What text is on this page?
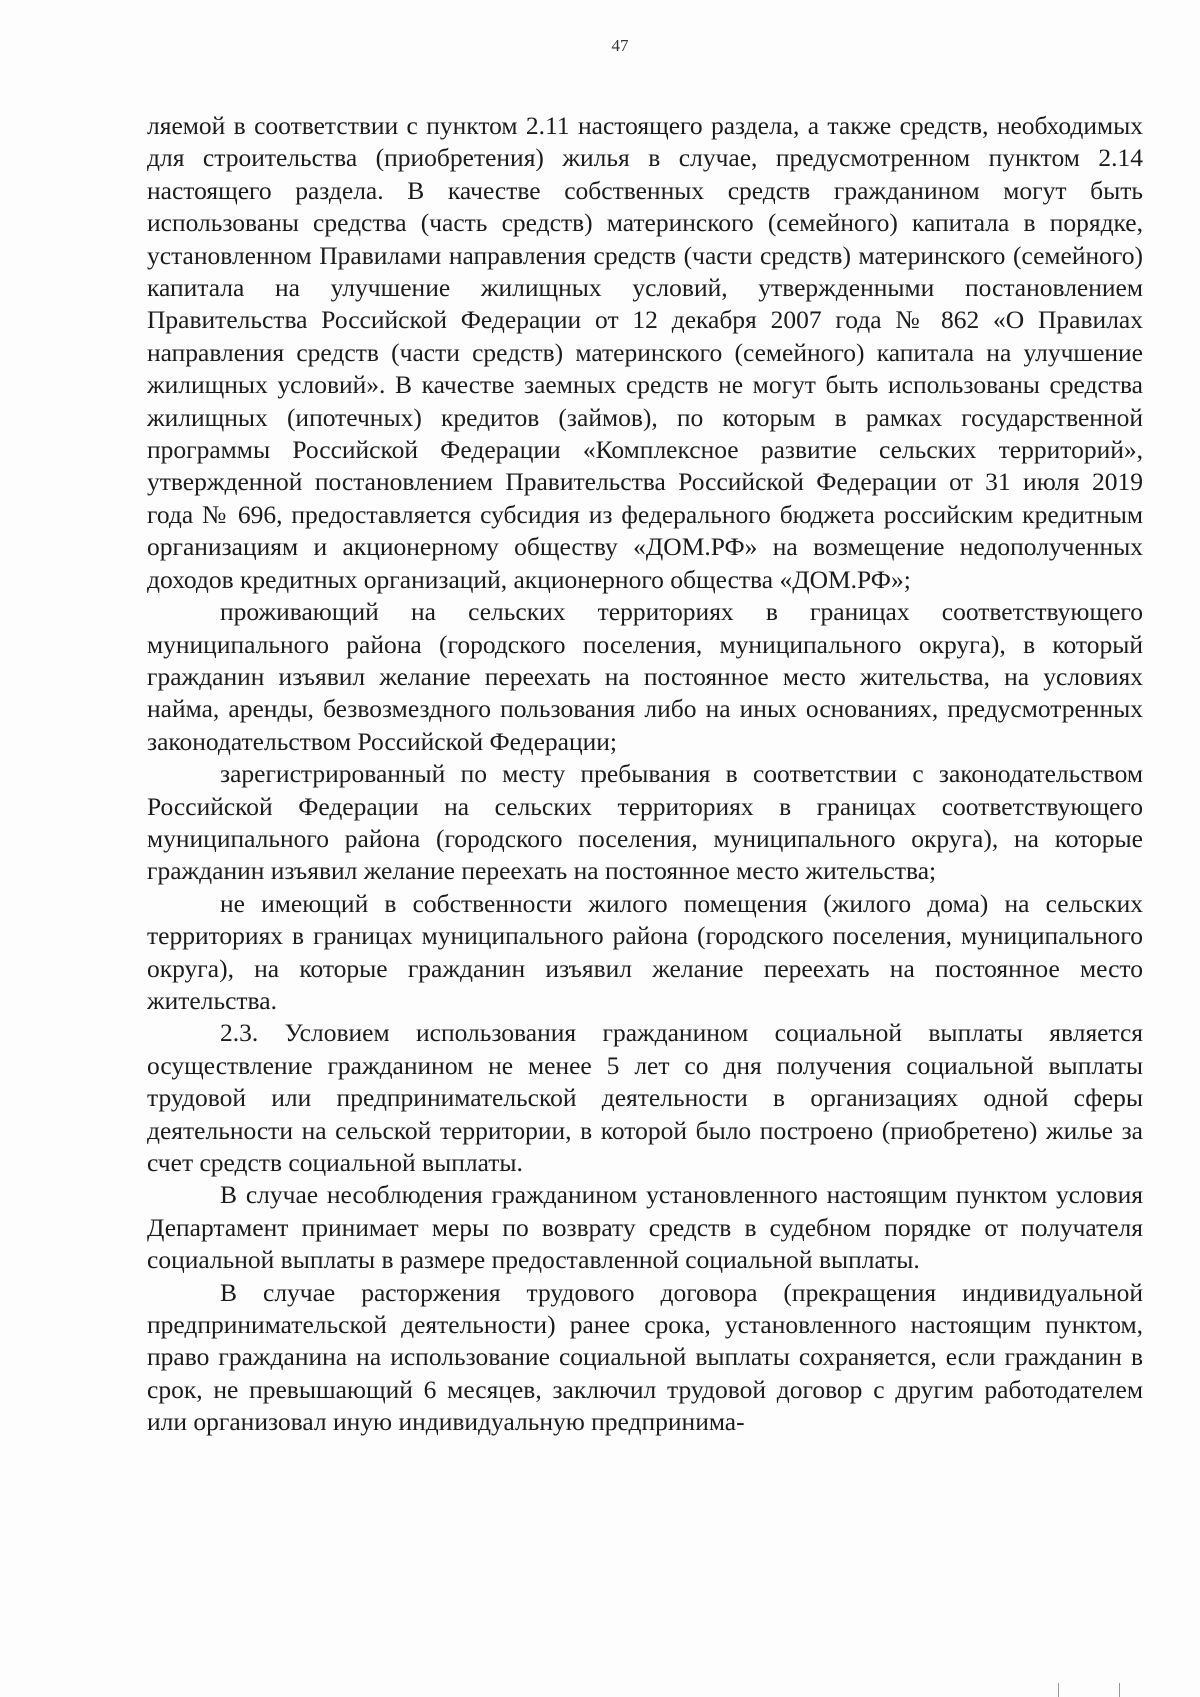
47

ляемой в соответствии с пунктом 2.11 настоящего раздела, а также средств, необходимых для строительства (приобретения) жилья в случае, предусмотренном пунктом 2.14 настоящего раздела. В качестве собственных средств гражданином могут быть использованы средства (часть средств) материнского (семейного) капитала в порядке, установленном Правилами направления средств (части средств) материнского (семейного) капитала на улучшение жилищных условий, утвержденными постановлением Правительства Российской Федерации от 12 декабря 2007 года № 862 «О Правилах направления средств (части средств) материнского (семейного) капитала на улучшение жилищных условий». В качестве заемных средств не могут быть использованы средства жилищных (ипотечных) кредитов (займов), по которым в рамках государственной программы Российской Федерации «Комплексное развитие сельских территорий», утвержденной постановлением Правительства Российской Федерации от 31 июля 2019 года № 696, предоставляется субсидия из федерального бюджета российским кредитным организациям и акционерному обществу «ДОМ.РФ» на возмещение недополученных доходов кредитных организаций, акционерного общества «ДОМ.РФ»;

проживающий на сельских территориях в границах соответствующего муниципального района (городского поселения, муниципального округа), в который гражданин изъявил желание переехать на постоянное место жительства, на условиях найма, аренды, безвозмездного пользования либо на иных основаниях, предусмотренных законодательством Российской Федерации;

зарегистрированный по месту пребывания в соответствии с законодательством Российской Федерации на сельских территориях в границах соответствующего муниципального района (городского поселения, муниципального округа), на которые гражданин изъявил желание переехать на постоянное место жительства;

не имеющий в собственности жилого помещения (жилого дома) на сельских территориях в границах муниципального района (городского поселения, муниципального округа), на которые гражданин изъявил желание переехать на постоянное место жительства.

2.3. Условием использования гражданином социальной выплаты является осуществление гражданином не менее 5 лет со дня получения социальной выплаты трудовой или предпринимательской деятельности в организациях одной сферы деятельности на сельской территории, в которой было построено (приобретено) жилье за счет средств социальной выплаты.

В случае несоблюдения гражданином установленного настоящим пунктом условия Департамент принимает меры по возврату средств в судебном порядке от получателя социальной выплаты в размере предоставленной социальной выплаты.

В случае расторжения трудового договора (прекращения индивидуальной предпринимательской деятельности) ранее срока, установленного настоящим пунктом, право гражданина на использование социальной выплаты сохраняется, если гражданин в срок, не превышающий 6 месяцев, заключил трудовой договор с другим работодателем или организовал иную индивидуальную предпринима-
